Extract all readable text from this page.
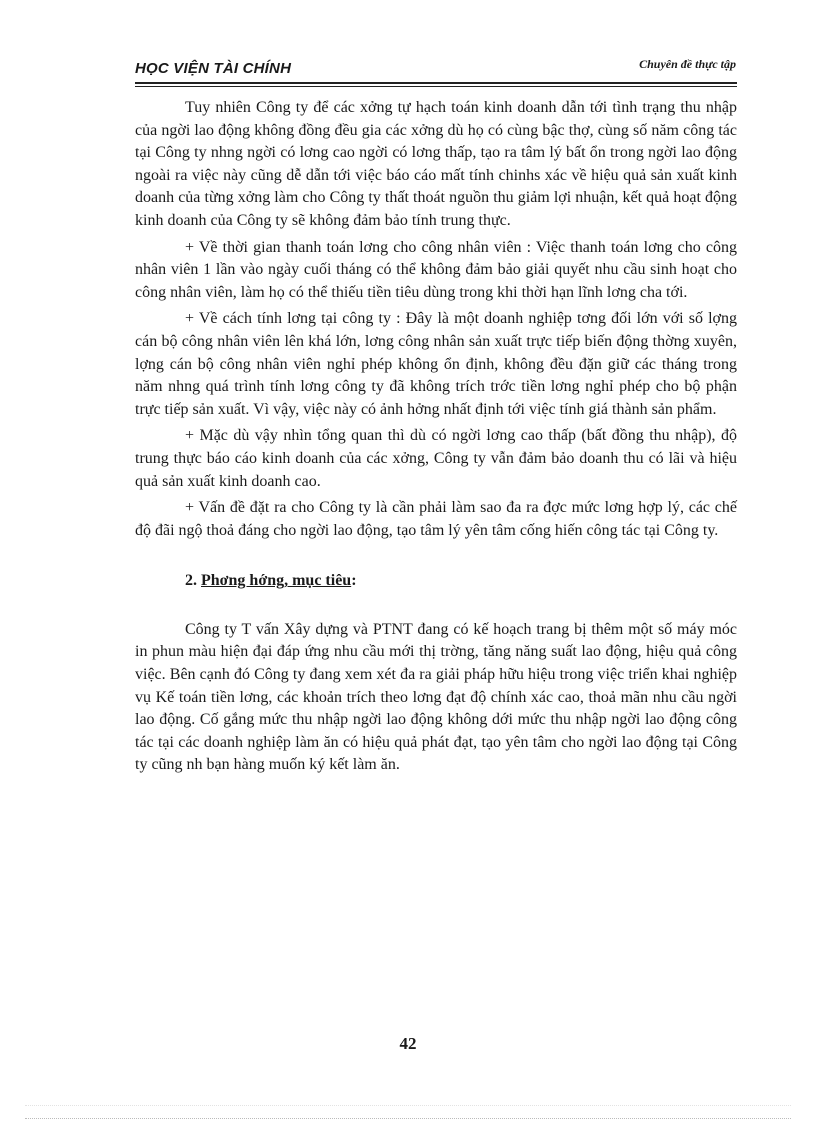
HỌC VIỆN TÀI CHÍNH	Chuyên đề thực tập

Tuy nhiên Công ty để các xởng tự hạch toán kinh doanh dẫn tới tình trạng thu nhập của ngời lao động không đồng đều gia các xởng dù họ có cùng bậc thợ, cùng số năm công tác tại Công ty nhng ngời có lơng cao ngời có lơng thấp, tạo ra tâm lý bất ổn trong ngời lao động ngoài ra việc này cũng dễ dẫn tới việc báo cáo mất tính chinhs xác về hiệu quả sản xuất kinh doanh của từng xởng làm cho Công ty thất thoát nguồn thu giảm lợi nhuận, kết quả hoạt động kinh doanh của Công ty sẽ không đảm bảo tính trung thực.

+ Về thời gian thanh toán lơng cho công nhân viên : Việc thanh toán lơng cho công nhân viên 1 lần vào ngày cuối tháng có thể không đảm bảo giải quyết nhu cầu sinh hoạt cho công nhân viên, làm họ có thể thiếu tiền tiêu dùng trong khi thời hạn lĩnh lơng cha tới.

+ Về cách tính lơng tại công ty : Đây là một doanh nghiệp tơng đối lớn với số lợng cán bộ công nhân viên lên khá lớn, lơng công nhân sản xuất trực tiếp biến động thờng xuyên, lợng cán bộ công nhân viên nghỉ phép không ổn định, không đều đặn giữ các tháng trong năm nhng quá trình tính lơng công ty đã không trích trớc tiền lơng nghỉ phép cho bộ phận trực tiếp sản xuất. Vì vậy, việc này có ảnh hởng nhất định tới việc tính giá thành sản phẩm.

+ Mặc dù vậy nhìn tổng quan thì dù có ngời lơng cao thấp (bất đồng thu nhập), độ trung thực báo cáo kinh doanh của các xởng, Công ty vẫn đảm bảo doanh thu có lãi và hiệu quả sản xuất kinh doanh cao.

+ Vấn đề đặt ra cho Công ty là cần phải làm sao đa ra đợc mức lơng hợp lý, các chế độ đãi ngộ thoả đáng cho ngời lao động, tạo tâm lý yên tâm cống hiến công tác tại Công ty.

2. Phơng hớng, mục tiêu:

Công ty T vấn Xây dựng và PTNT đang có kế hoạch trang bị thêm một số máy móc in phun màu hiện đại đáp ứng nhu cầu mới thị trờng, tăng năng suất lao động, hiệu quả công việc. Bên cạnh đó Công ty đang xem xét đa ra giải pháp hữu hiệu trong việc triển khai nghiệp vụ Kế toán tiền lơng, các khoản trích theo lơng đạt độ chính xác cao, thoả mãn nhu cầu ngời lao động. Cố gắng mức thu nhập ngời lao động không dới mức thu nhập ngời lao động công tác tại các doanh nghiệp làm ăn có hiệu quả phát đạt, tạo yên tâm cho ngời lao động tại Công ty cũng nh bạn hàng muốn ký kết làm ăn.

42
